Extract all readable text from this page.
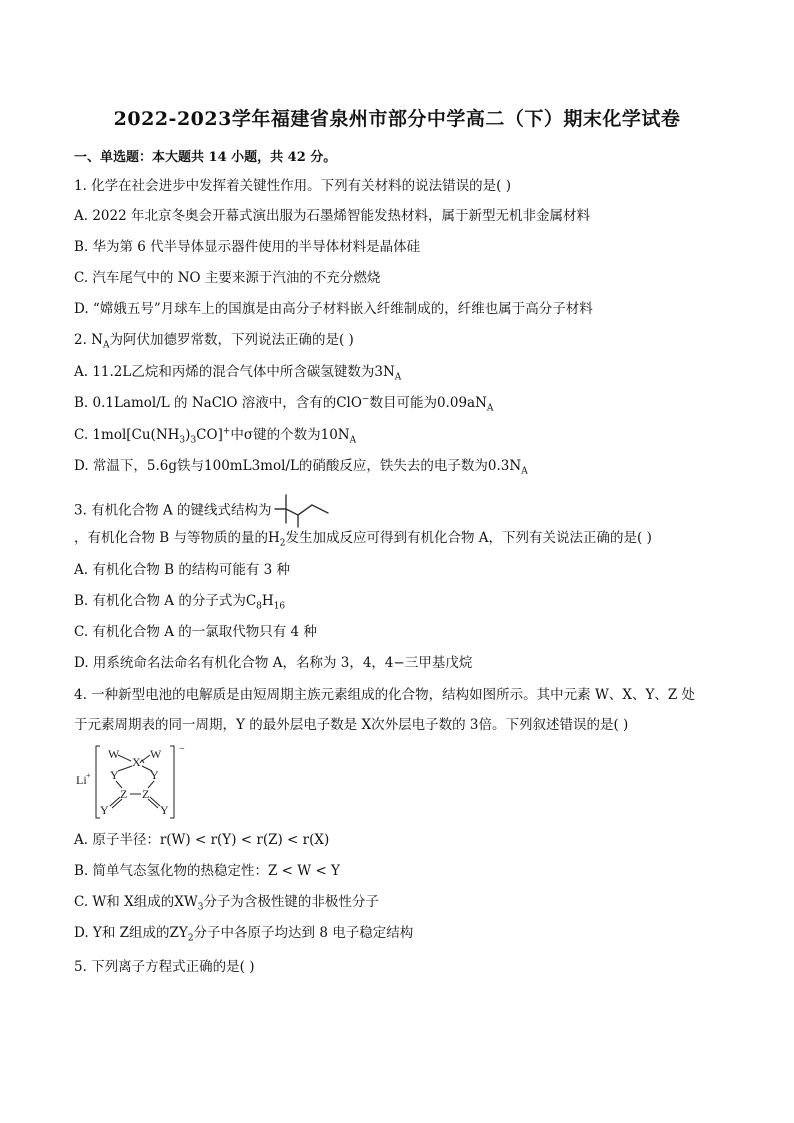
2022-2023学年福建省泉州市部分中学高二（下）期末化学试卷
一、单选题：本大题共 14 小题，共 42 分。
1. 化学在社会进步中发挥着关键性作用。下列有关材料的说法错误的是( )
A. 2022 年北京冬奥会开幕式演出服为石墨烯智能发热材料，属于新型无机非金属材料
B. 华为第 6 代半导体显示器件使用的半导体材料是晶体硅
C. 汽车尾气中的 NO 主要来源于汽油的不充分燃烧
D. “嫦娥五号”月球车上的国旗是由高分子材料嵌入纤维制成的，纤维也属于高分子材料
2. $N_A$为阿伏加德罗常数，下列说法正确的是( )
A. 11.2L乙烷和丙烯的混合气体中所含碳氢键数为$3N_A$
B. 0.1Lamol/L 的 NaClO 溶液中，含有的ClO−数目可能为$0.09aN_A$
C. $1mol[Cu(NH_3)_3CO]^+$中σ键的个数为$10N_A$
D. 常温下，5.6g铁与100mL3mol/L的硝酸反应，铁失去的电子数为$0.3N_A$
3. 有机化合物 A 的键线式结构为
，有机化合物 B 与等物质的量的$H_2$发生加成反应可得到有机化合物 A，下列有关说法正确的是( )
A. 有机化合物 B 的结构可能有 3 种
B. 有机化合物 A 的分子式为$C_8H_{16}$
C. 有机化合物 A 的一氯取代物只有 4 种
D. 用系统命名法命名有机化合物 A，名称为 3，4，4−三甲基戊烷
4. 一种新型电池的电解质是由短周期主族元素组成的化合物，结构如图所示。其中元素 W、X、Y、Z 处
于元素周期表的同一周期，Y 的最外层电子数是 X次外层电子数的 3倍。下列叙述错误的是( )
Li +
−
W
X
W
Y	Y
Z Z
Y	Y
A. 原子半径：r(W) < r(Y) < r(Z) < r(X)
B. 简单气态氢化物的热稳定性：Z < W < Y
C. W和 X组成的$XW_3$分子为含极性键的非极性分子
D. Y和 Z组成的$ZY_2$分子中各原子均达到 8 电子稳定结构
5. 下列离子方程式正确的是( )
